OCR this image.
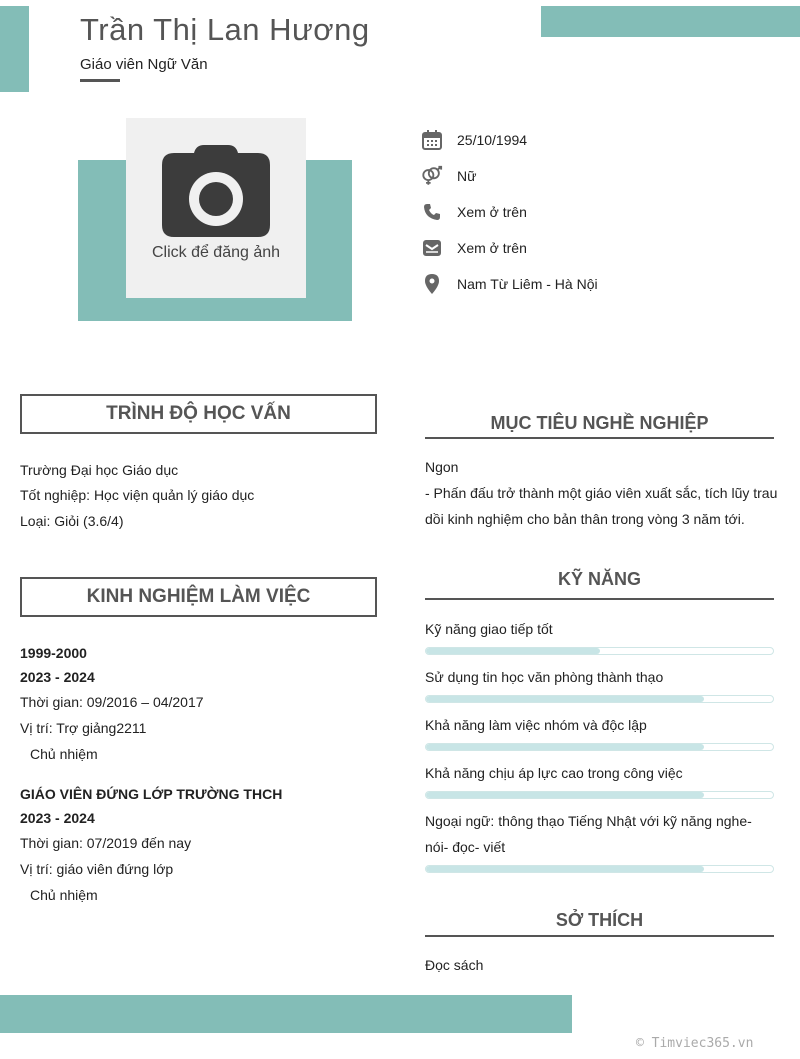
Trần Thị Lan Hương
Giáo viên Ngữ Văn
Click để đăng ảnh
25/10/1994
Nữ
Xem ở trên
Xem ở trên
Nam Từ Liêm - Hà Nội
TRÌNH ĐỘ HỌC VẤN
Trường Đại học Giáo dục
Tốt nghiệp: Học viện quản lý giáo dục
Loại: Giỏi (3.6/4)
KINH NGHIỆM LÀM VIỆC
1999-2000
2023 - 2024
Thời gian: 09/2016 – 04/2017
Vị trí: Trợ giảng2211
Chủ nhiệm
GIÁO VIÊN ĐỨNG LỚP TRƯỜNG THCH
2023 - 2024
Thời gian: 07/2019 đến nay
Vị trí: giáo viên đứng lớp
Chủ nhiệm
MỤC TIÊU NGHỀ NGHIỆP
Ngon
- Phấn đấu trở thành một giáo viên xuất sắc, tích lũy trau dồi kinh nghiệm cho bản thân trong vòng 3 năm tới.
KỸ NĂNG
Kỹ năng giao tiếp tốt
Sử dụng tin học văn phòng thành thạo
Khả năng làm việc nhóm và độc lập
Khả năng chịu áp lực cao trong công việc
Ngoại ngữ: thông thạo Tiếng Nhật với kỹ năng nghe- nói- đọc- viết
SỞ THÍCH
Đọc sách
© Timviec365.vn
